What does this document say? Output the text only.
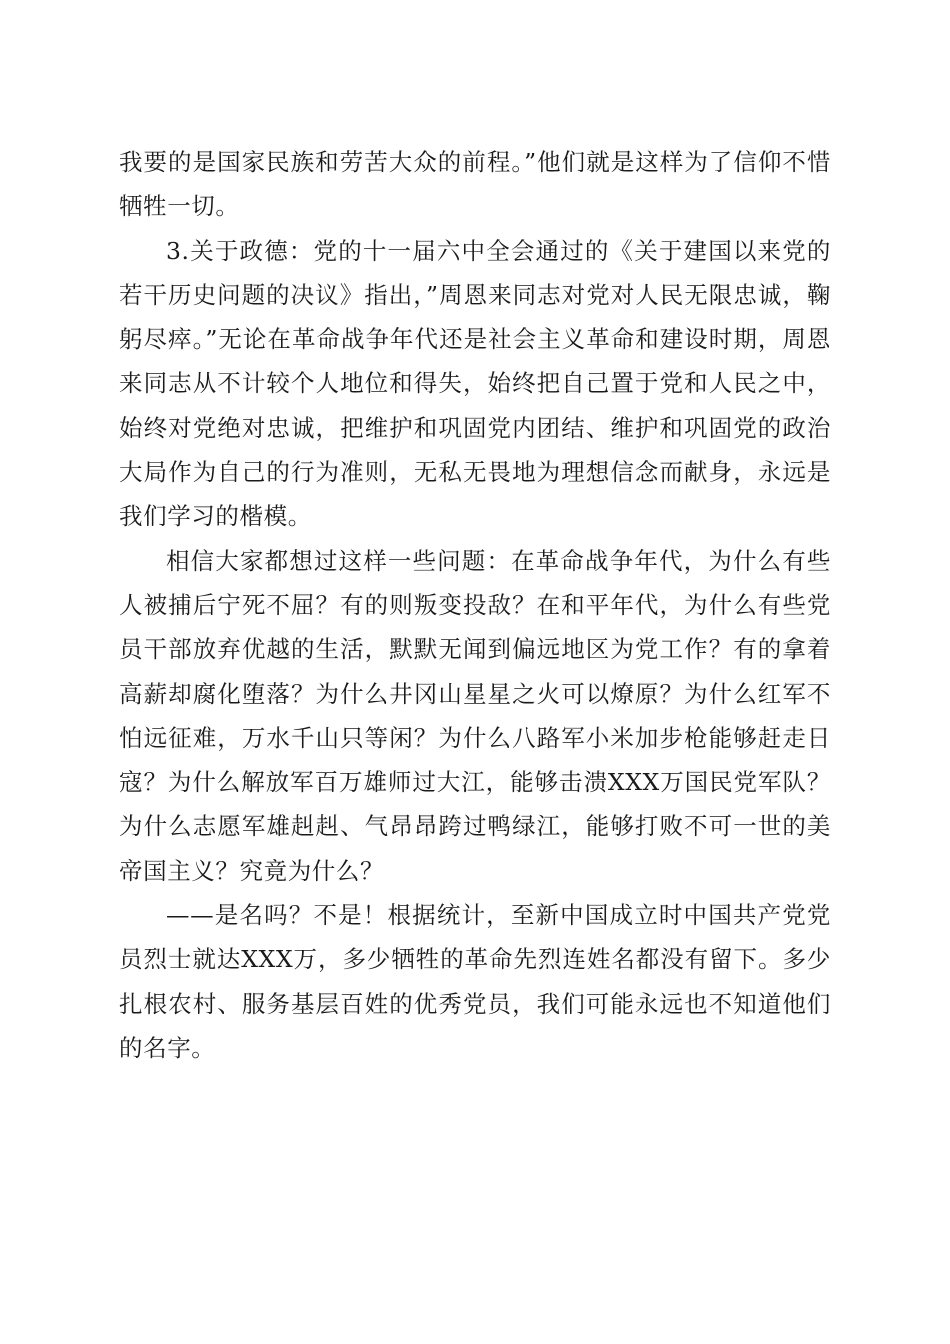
我要的是国家民族和劳苦大众的前程。”他们就是这样为了信仰不惜牺牲一切。

3.关于政德：党的十一届六中全会通过的《关于建国以来党的若干历史问题的决议》指出，”周恩来同志对党对人民无限忠诚，鞠躬尽瘁。”无论在革命战争年代还是社会主义革命和建设时期，周恩来同志从不计较个人地位和得失，始终把自己置于党和人民之中，始终对党绝对忠诚，把维护和巩固党内团结、维护和巩固党的政治大局作为自己的行为准则，无私无畏地为理想信念而献身，永远是我们学习的楷模。

相信大家都想过这样一些问题：在革命战争年代，为什么有些人被捕后宁死不屈？有的则叛变投敌？在和平年代，为什么有些党员干部放弃优越的生活，默默无闻到偏远地区为党工作？有的拿着高薪却腐化堕落？为什么井冈山星星之火可以燎原？为什么红军不怕远征难，万水千山只等闲？为什么八路军小米加步枪能够赶走日寇？为什么解放军百万雄师过大江，能够击溃XXX万国民党军队？为什么志愿军雄赳赳、气昂昂跨过鸭绿江，能够打败不可一世的美帝国主义？究竟为什么？

——是名吗？不是！根据统计，至新中国成立时中国共产党党员烈士就达XXX万，多少牺牲的革命先烈连姓名都没有留下。多少扎根农村、服务基层百姓的优秀党员，我们可能永远也不知道他们的名字。
